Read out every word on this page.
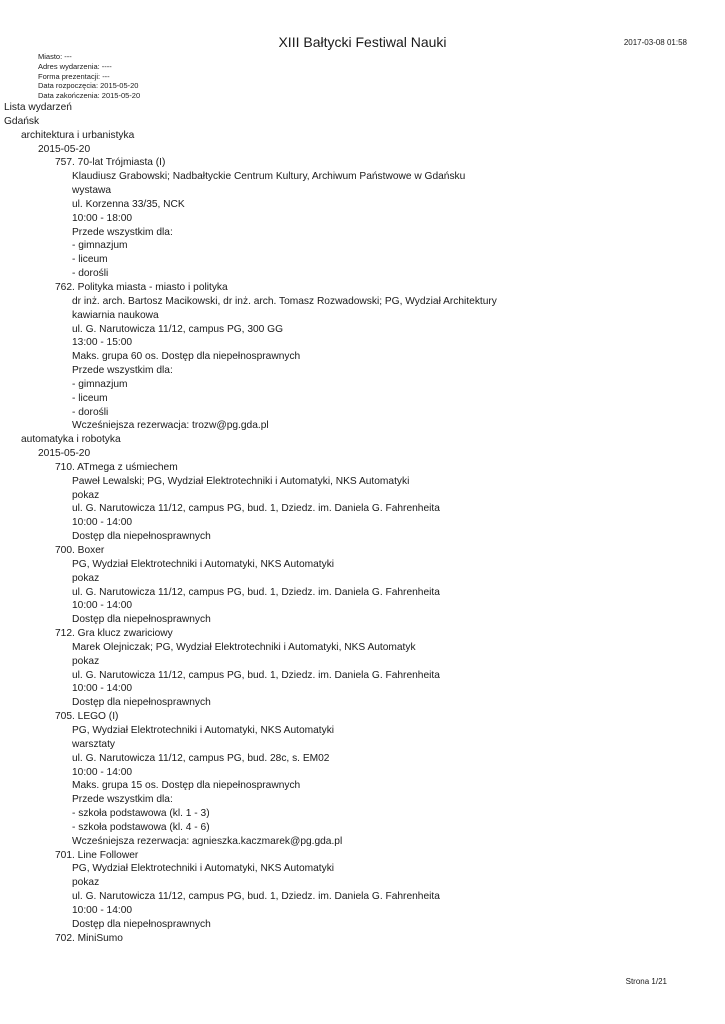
XIII Bałtycki Festiwal Nauki	2017-03-08 01:58
Miasto: ---
Adres wydarzenia: ----
Forma prezentacji: ---
Data rozpoczęcia: 2015-05-20
Data zakończenia: 2015-05-20
Lista wydarzeń
Gdańsk
architektura i urbanistyka
2015-05-20
757. 70-lat Trójmiasta (I)
Klaudiusz Grabowski; Nadbałtyckie Centrum Kultury, Archiwum Państwowe w Gdańsku
wystawa
ul. Korzenna 33/35, NCK
10:00 - 18:00
Przede wszystkim dla:
- gimnazjum
- liceum
- dorośli
762. Polityka miasta - miasto i polityka
dr inż. arch. Bartosz Macikowski, dr inż. arch. Tomasz Rozwadowski; PG, Wydział Architektury
kawiarnia naukowa
ul. G. Narutowicza 11/12, campus PG, 300 GG
13:00 - 15:00
Maks. grupa 60 os. Dostęp dla niepełnosprawnych
Przede wszystkim dla:
- gimnazjum
- liceum
- dorośli
Wcześniejsza rezerwacja: trozw@pg.gda.pl
automatyka i robotyka
2015-05-20
710. ATmega z uśmiechem
Paweł Lewalski; PG, Wydział Elektrotechniki i Automatyki, NKS Automatyki
pokaz
ul. G. Narutowicza 11/12, campus PG, bud. 1, Dziedz. im. Daniela G. Fahrenheita
10:00 - 14:00
Dostęp dla niepełnosprawnych
700. Boxer
PG, Wydział Elektrotechniki i Automatyki, NKS Automatyki
pokaz
ul. G. Narutowicza 11/12, campus PG, bud. 1, Dziedz. im. Daniela G. Fahrenheita
10:00 - 14:00
Dostęp dla niepełnosprawnych
712. Gra klucz zwariciowy
Marek Olejniczak; PG, Wydział Elektrotechniki i Automatyki, NKS Automatyk
pokaz
ul. G. Narutowicza 11/12, campus PG, bud. 1, Dziedz. im. Daniela G. Fahrenheita
10:00 - 14:00
Dostęp dla niepełnosprawnych
705. LEGO (I)
PG, Wydział Elektrotechniki i Automatyki, NKS Automatyki
warsztaty
ul. G. Narutowicza 11/12, campus PG, bud. 28c, s. EM02
10:00 - 14:00
Maks. grupa 15 os. Dostęp dla niepełnosprawnych
Przede wszystkim dla:
- szkoła podstawowa (kl. 1 - 3)
- szkoła podstawowa (kl. 4 - 6)
Wcześniejsza rezerwacja: agnieszka.kaczmarek@pg.gda.pl
701. Line Follower
PG, Wydział Elektrotechniki i Automatyki, NKS Automatyki
pokaz
ul. G. Narutowicza 11/12, campus PG, bud. 1, Dziedz. im. Daniela G. Fahrenheita
10:00 - 14:00
Dostęp dla niepełnosprawnych
702. MiniSumo
Strona 1/21
